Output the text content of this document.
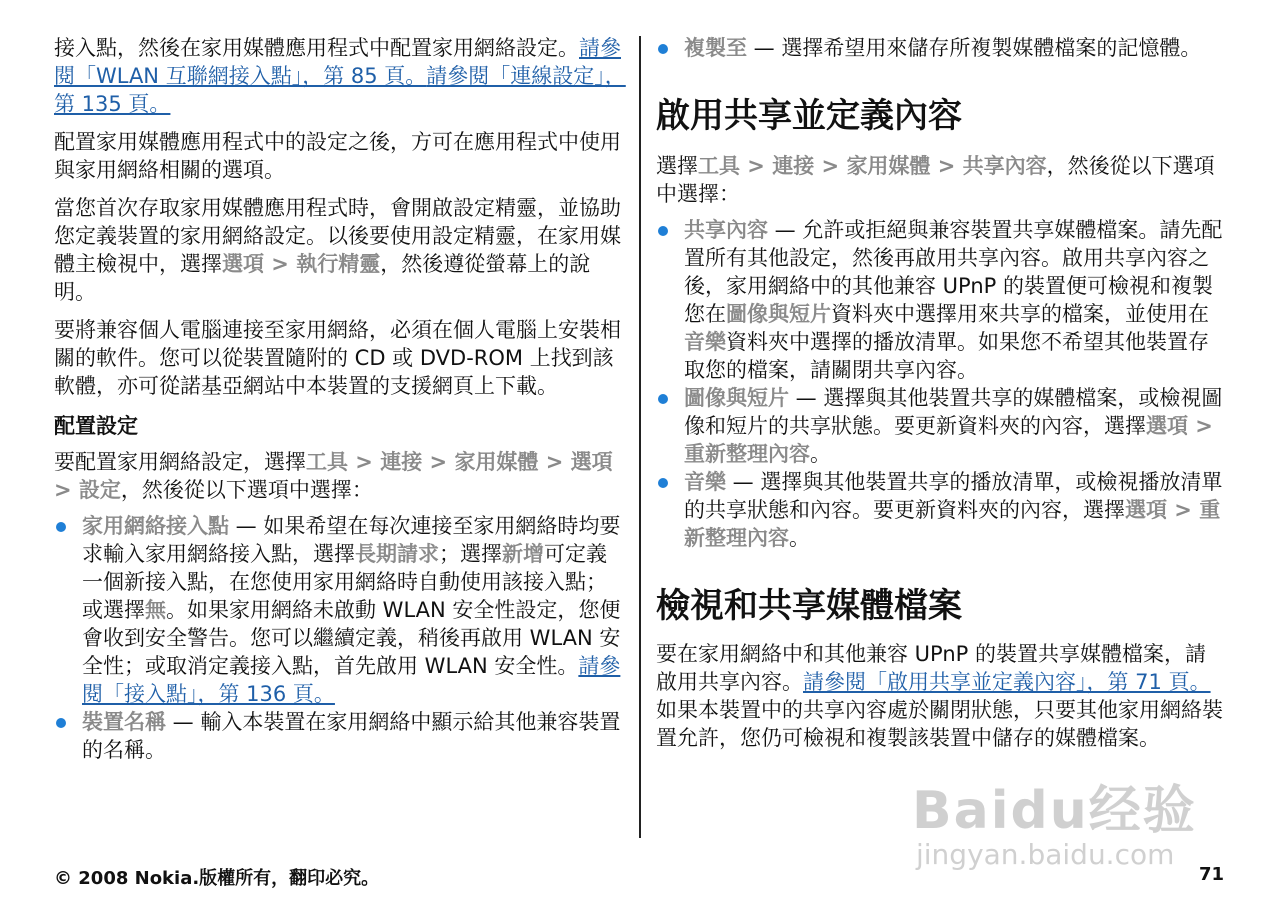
接入點，然後在家用媒體應用程式中配置家用網絡設定。請參閱「WLAN 互聯網接入點」，第 85 頁。請參閱「連線設定」，第 135 頁。

配置家用媒體應用程式中的設定之後，方可在應用程式中使用與家用網絡相關的選項。

當您首次存取家用媒體應用程式時，會開啟設定精靈，並協助您定義裝置的家用網絡設定。以後要使用設定精靈，在家用媒體主檢視中，選擇選項 > 執行精靈，然後遵從螢幕上的說明。

要將兼容個人電腦連接至家用網絡，必須在個人電腦上安裝相關的軟件。您可以從裝置隨附的 CD 或 DVD-ROM 上找到該軟體，亦可從諾基亞網站中本裝置的支援網頁上下載。

配置設定

要配置家用網絡設定，選擇工具 > 連接 > 家用媒體 > 選項 > 設定，然後從以下選項中選擇：

家用網絡接入點 — 如果希望在每次連接至家用網絡時均要求輸入家用網絡接入點，選擇長期請求；選擇新增可定義一個新接入點，在您使用家用網絡時自動使用該接入點；或選擇無。如果家用網絡未啟動 WLAN 安全性設定，您便會收到安全警告。您可以繼續定義，稍後再啟用 WLAN 安全性；或取消定義接入點，首先啟用 WLAN 安全性。請參閱「接入點」，第 136 頁。
裝置名稱 — 輸入本裝置在家用網絡中顯示給其他兼容裝置的名稱。
複製至 — 選擇希望用來儲存所複製媒體檔案的記憶體。
啟用共享並定義內容

選擇工具 > 連接 > 家用媒體 > 共享內容，然後從以下選項中選擇：

共享內容 — 允許或拒絕與兼容裝置共享媒體檔案。請先配置所有其他設定，然後再啟用共享內容。啟用共享內容之後，家用網絡中的其他兼容 UPnP 的裝置便可檢視和複製您在圖像與短片資料夾中選擇用來共享的檔案，並使用在音樂資料夾中選擇的播放清單。如果您不希望其他裝置存取您的檔案，請關閉共享內容。
圖像與短片 — 選擇與其他裝置共享的媒體檔案，或檢視圖像和短片的共享狀態。要更新資料夾的內容，選擇選項 > 重新整理內容。
音樂 — 選擇與其他裝置共享的播放清單，或檢視播放清單的共享狀態和內容。要更新資料夾的內容，選擇選項 > 重新整理內容。
檢視和共享媒體檔案

要在家用網絡中和其他兼容 UPnP 的裝置共享媒體檔案，請啟用共享內容。請參閱「啟用共享並定義內容」，第 71 頁。如果本裝置中的共享內容處於關閉狀態，只要其他家用網絡裝置允許，您仍可檢視和複製該裝置中儲存的媒體檔案。

© 2008 Nokia.版權所有，翻印必究。	71
Baidu经验
jingyan.baidu.com
